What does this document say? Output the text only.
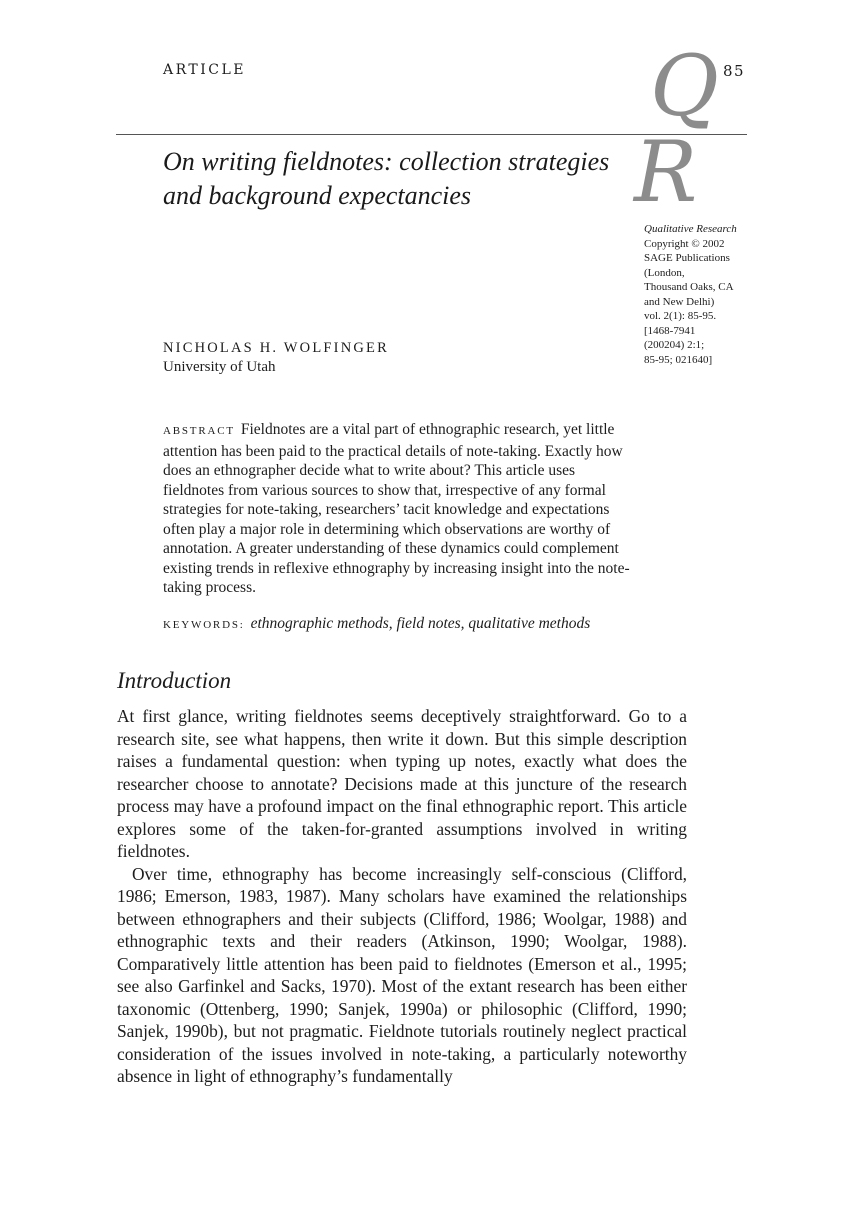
ARTICLE	Q 85
R
On writing fieldnotes: collection strategies and background expectancies
Qualitative Research
Copyright © 2002
SAGE Publications
(London,
Thousand Oaks, CA
and New Delhi)
vol. 2(1): 85-95.
[1468-7941
(200204) 2:1;
85-95; 021640]
NICHOLAS H. WOLFINGER
University of Utah
ABSTRACT Fieldnotes are a vital part of ethnographic research, yet little attention has been paid to the practical details of note-taking. Exactly how does an ethnographer decide what to write about? This article uses fieldnotes from various sources to show that, irrespective of any formal strategies for note-taking, researchers’ tacit knowledge and expectations often play a major role in determining which observations are worthy of annotation. A greater understanding of these dynamics could complement existing trends in reflexive ethnography by increasing insight into the note-taking process.
KEYWORDS: ethnographic methods, field notes, qualitative methods
Introduction

At first glance, writing fieldnotes seems deceptively straightforward. Go to a research site, see what happens, then write it down. But this simple description raises a fundamental question: when typing up notes, exactly what does the researcher choose to annotate? Decisions made at this juncture of the research process may have a profound impact on the final ethnographic report. This article explores some of the taken-for-granted assumptions involved in writing fieldnotes.

Over time, ethnography has become increasingly self-conscious (Clifford, 1986; Emerson, 1983, 1987). Many scholars have examined the relationships between ethnographers and their subjects (Clifford, 1986; Woolgar, 1988) and ethnographic texts and their readers (Atkinson, 1990; Woolgar, 1988). Comparatively little attention has been paid to fieldnotes (Emerson et al., 1995; see also Garfinkel and Sacks, 1970). Most of the extant research has been either taxonomic (Ottenberg, 1990; Sanjek, 1990a) or philosophic (Clifford, 1990; Sanjek, 1990b), but not pragmatic. Fieldnote tutorials routinely neglect practical consideration of the issues involved in note-taking, a particularly noteworthy absence in light of ethnography’s fundamentally
